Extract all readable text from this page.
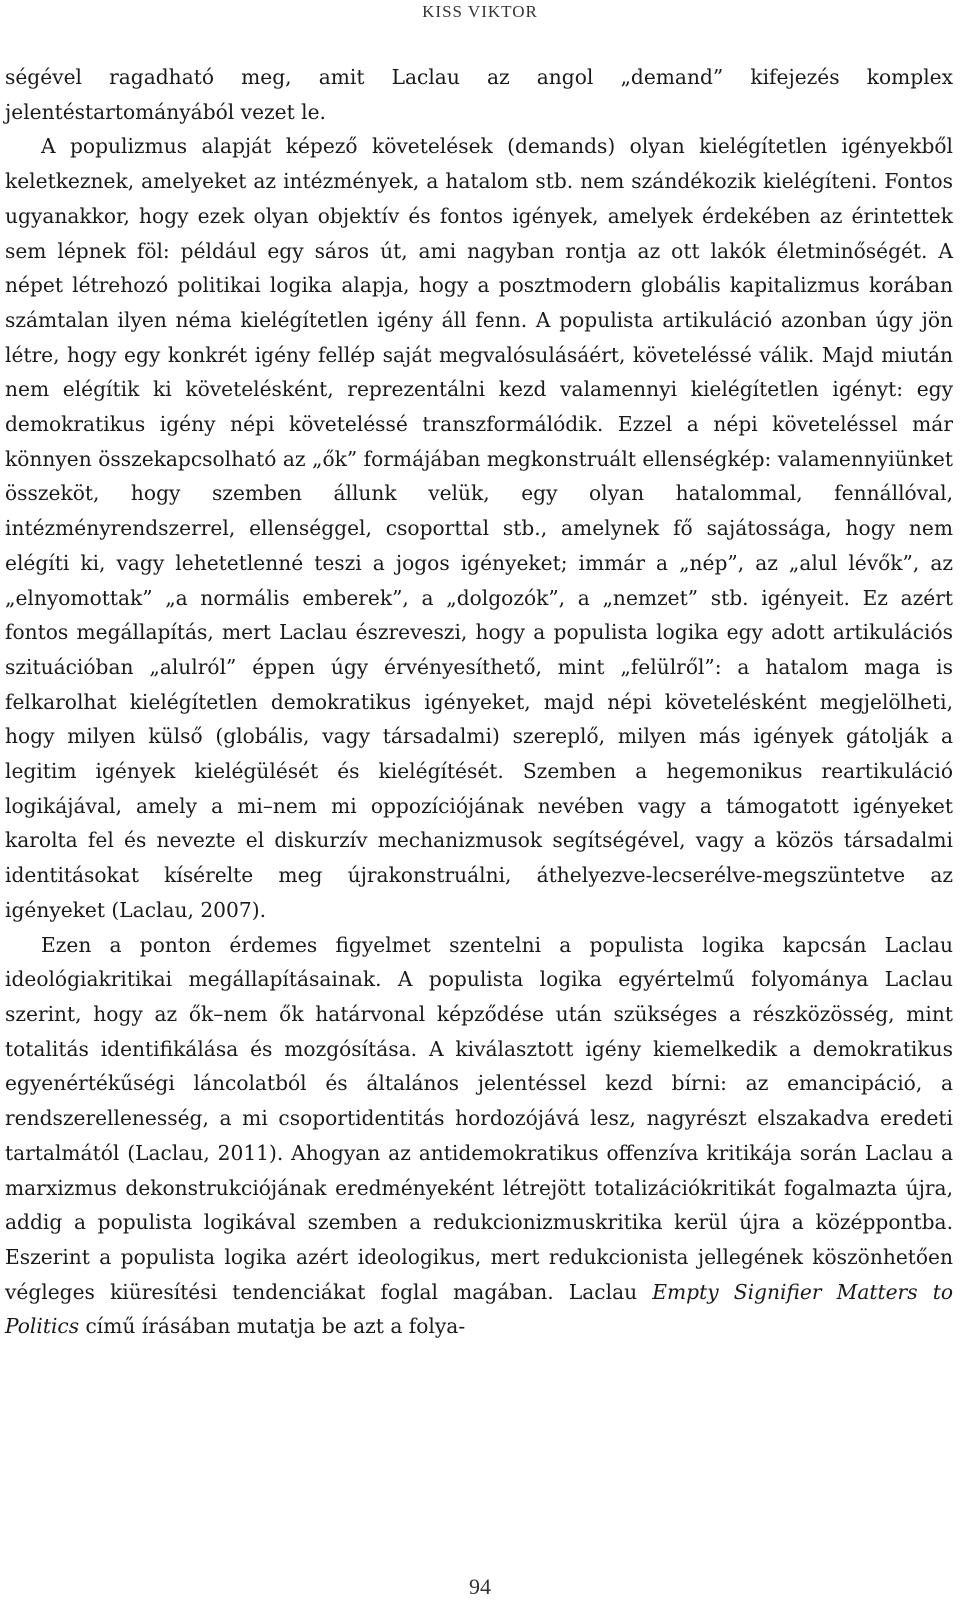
KISS VIKTOR

ségével ragadható meg, amit Laclau az angol „demand” kifejezés komplex jelentéstartományából vezet le.

A populizmus alapját képező követelések (demands) olyan kielégítetlen igényekből keletkeznek, amelyeket az intézmények, a hatalom stb. nem szándékozik kielégíteni. Fontos ugyanakkor, hogy ezek olyan objektív és fontos igények, amelyek érdekében az érintettek sem lépnek föl: például egy sáros út, ami nagyban rontja az ott lakók életminőségét. A népet létrehozó politikai logika alapja, hogy a posztmodern globális kapitalizmus korában számtalan ilyen néma kielégítetlen igény áll fenn. A populista artikuláció azonban úgy jön létre, hogy egy konkrét igény fellép saját megvalósulásáért, követeléssé válik. Majd miután nem elégítik ki követelésként, reprezentálni kezd valamennyi kielégítetlen igényt: egy demokratikus igény népi követeléssé transzformálódik. Ezzel a népi követeléssel már könnyen összekapcsolható az „ők” formájában megkonstruált ellenségkép: valamennyiünket összeköt, hogy szemben állunk velük, egy olyan hatalommal, fennállóval, intézményrendszerrel, ellenséggel, csoporttal stb., amelynek fő sajátossága, hogy nem elégíti ki, vagy lehetetlenné teszi a jogos igényeket; immár a „nép”, az „alul lévők”, az „elnyomottak” „a normális emberek”, a „dolgozók”, a „nemzet” stb. igényeit. Ez azért fontos megállapítás, mert Laclau észreveszi, hogy a populista logika egy adott artikulációs szituációban „alulról” éppen úgy érvényesíthető, mint „felülről”: a hatalom maga is felkarolhat kielégítetlen demokratikus igényeket, majd népi követelésként megjelölheti, hogy milyen külső (globális, vagy társadalmi) szereplő, milyen más igények gátolják a legitim igények kielégülését és kielégítését. Szemben a hegemonikus reartikuláció logikájával, amely a mi–nem mi oppozíciójának nevében vagy a támogatott igényeket karolta fel és nevezte el diskurzív mechanizmusok segítségével, vagy a közös társadalmi identitásokat kísérelte meg újrakonstruálni, áthelyezve-lecserélve-megszüntetve az igényeket (Laclau, 2007).

Ezen a ponton érdemes figyelmet szentelni a populista logika kapcsán Laclau ideológiakritikai megállapításainak. A populista logika egyértelmű folyománya Laclau szerint, hogy az ők–nem ők határvonal képződése után szükséges a részközösség, mint totalitás identifikálása és mozgósítása. A kiválasztott igény kiemelkedik a demokratikus egyenértékűségi láncolatból és általános jelentéssel kezd bírni: az emancipáció, a rendszerellenesség, a mi csoportidentitás hordozójává lesz, nagyrészt elszakadva eredeti tartalmától (Laclau, 2011). Ahogyan az antidemokratikus offenzíva kritikája során Laclau a marxizmus dekonstrukciójának eredményeként létrejött totalizációkritikát fogalmazta újra, addig a populista logikával szemben a redukcionizmuskritika kerül újra a középpontba. Eszerint a populista logika azért ideologikus, mert redukcionista jellegének köszönhetően végleges kiüresítési tendenciákat foglal magában. Laclau Empty Signifier Matters to Politics című írásában mutatja be azt a folya-

94
